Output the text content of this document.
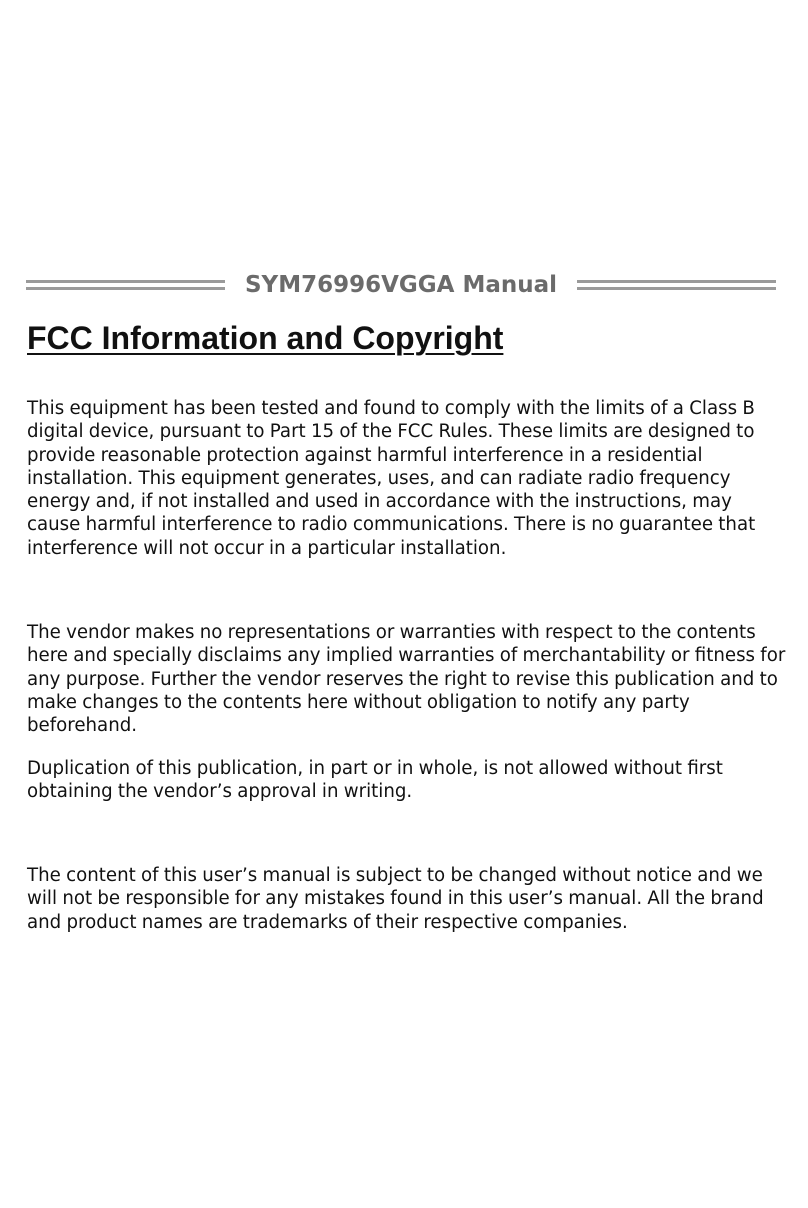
SYM76996VGGA Manual
FCC Information and Copyright

This equipment has been tested and found to comply with the limits of a Class B digital device, pursuant to Part 15 of the FCC Rules. These limits are designed to provide reasonable protection against harmful interference in a residential installation. This equipment generates, uses, and can radiate radio frequency energy and, if not installed and used in accordance with the instructions, may cause harmful interference to radio communications. There is no guarantee that interference will not occur in a particular installation.

The vendor makes no representations or warranties with respect to the contents here and specially disclaims any implied warranties of merchantability or fitness for any purpose. Further the vendor reserves the right to revise this publication and to make changes to the contents here without obligation to notify any party beforehand.

Duplication of this publication, in part or in whole, is not allowed without first obtaining the vendor’s approval in writing.

The content of this user’s manual is subject to be changed without notice and we will not be responsible for any mistakes found in this user’s manual. All the brand and product names are trademarks of their respective companies.
